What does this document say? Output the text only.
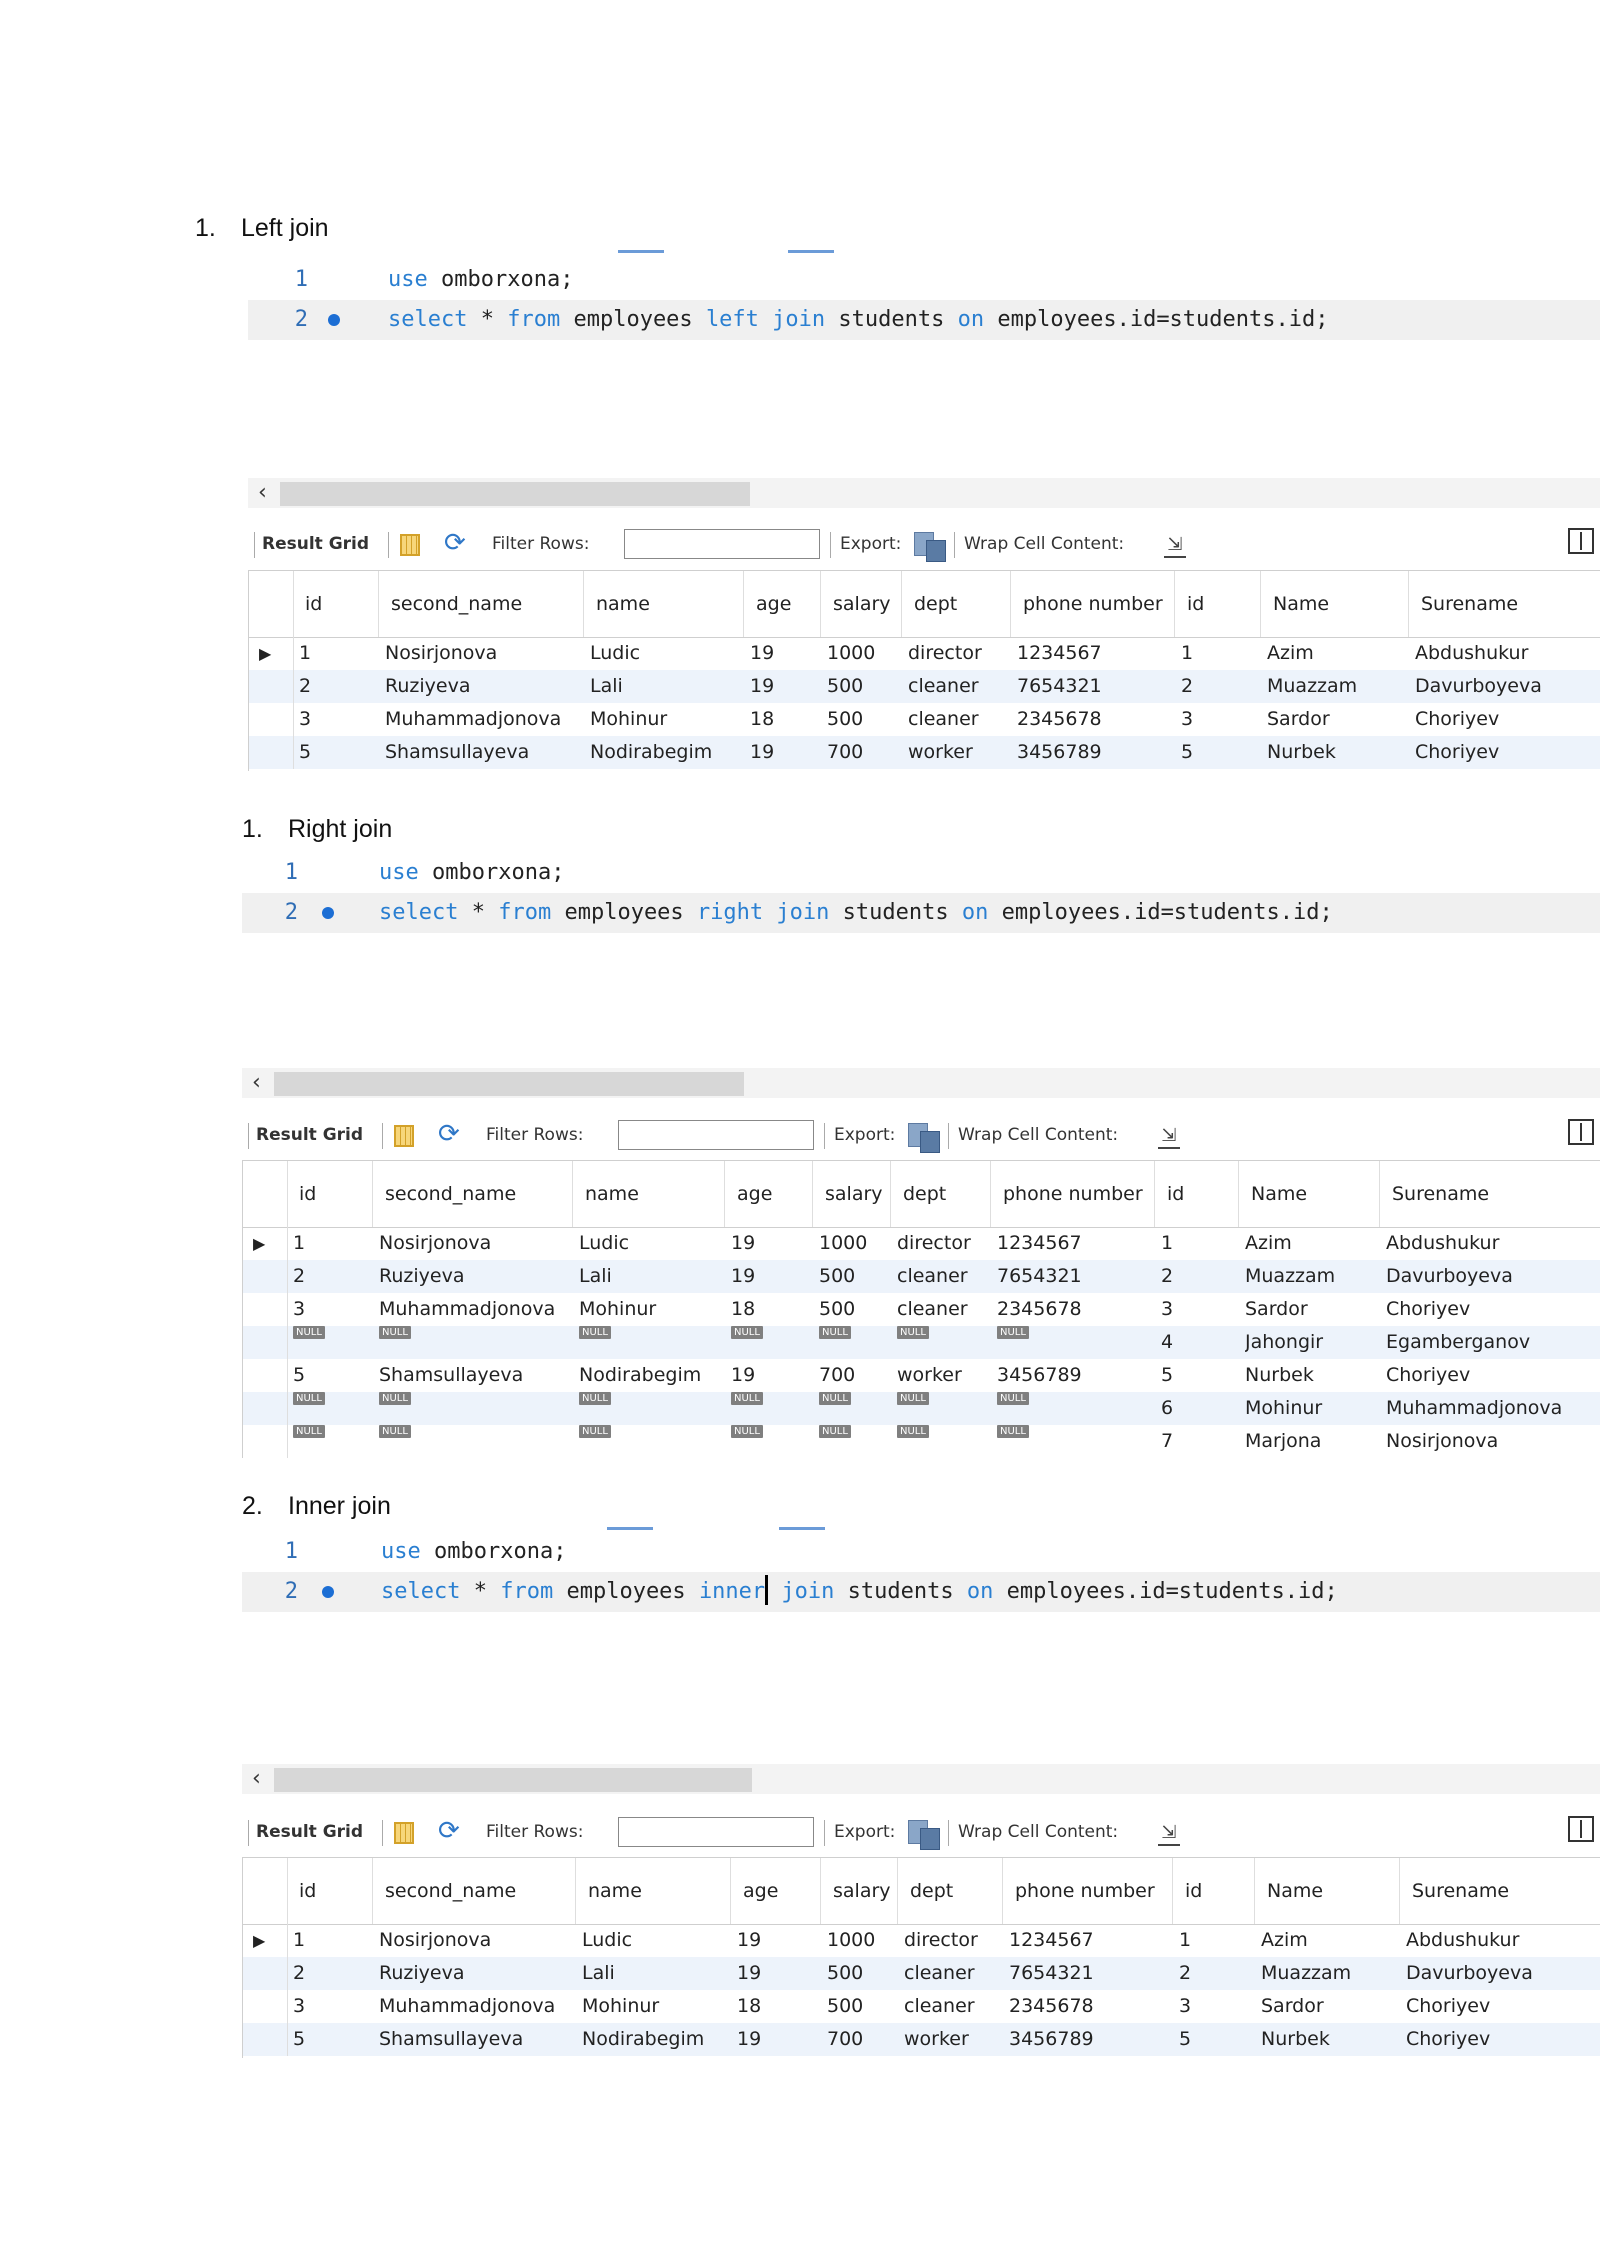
1. Left join
1. Right join
2. Inner join
1	use omborxona;
2	select * from employees left join students on employees.id=students.id;
‹
Result Grid	⟳ Filter Rows:	Export:	Wrap Cell Content: ⇲
id	second_name	name	age	salary	dept	phone number	id	Name	Surename
▶ 1	Nosirjonova	Ludic	19	1000	director	1234567	1	Azim	Abdushukur
2	Ruziyeva	Lali	19	500	cleaner	7654321	2	Muazzam	Davurboyeva
3	Muhammadjonova	Mohinur	18	500	cleaner	2345678	3	Sardor	Choriyev
5	Shamsullayeva	Nodirabegim	19	700	worker	3456789	5	Nurbek	Choriyev
1	use omborxona;
2	select * from employees right join students on employees.id=students.id;
‹
Result Grid	⟳ Filter Rows:	Export:	Wrap Cell Content: ⇲
id	second_name	name	age	salary	dept	phone number	id	Name	Surename
▶ 1	Nosirjonova	Ludic	19	1000	director	1234567	1	Azim	Abdushukur
2	Ruziyeva	Lali	19	500	cleaner	7654321	2	Muazzam	Davurboyeva
3	Muhammadjonova	Mohinur	18	500	cleaner	2345678	3	Sardor	Choriyev
NULL	NULL	NULL	NULL	NULL	NULL	NULL	4	Jahongir	Egamberganov
5	Shamsullayeva	Nodirabegim	19	700	worker	3456789	5	Nurbek	Choriyev
NULL	NULL	NULL	NULL	NULL	NULL	NULL	6	Mohinur	Muhammadjonova
NULL	NULL	NULL	NULL	NULL	NULL	NULL	7	Marjona	Nosirjonova
1	use omborxona;
2	select * from employees inner join students on employees.id=students.id;
‹
Result Grid	⟳ Filter Rows:	Export:	Wrap Cell Content: ⇲
id	second_name	name	age	salary	dept	phone number	id	Name	Surename
▶ 1	Nosirjonova	Ludic	19	1000	director	1234567	1	Azim	Abdushukur
2	Ruziyeva	Lali	19	500	cleaner	7654321	2	Muazzam	Davurboyeva
3	Muhammadjonova	Mohinur	18	500	cleaner	2345678	3	Sardor	Choriyev
5	Shamsullayeva	Nodirabegim	19	700	worker	3456789	5	Nurbek	Choriyev
